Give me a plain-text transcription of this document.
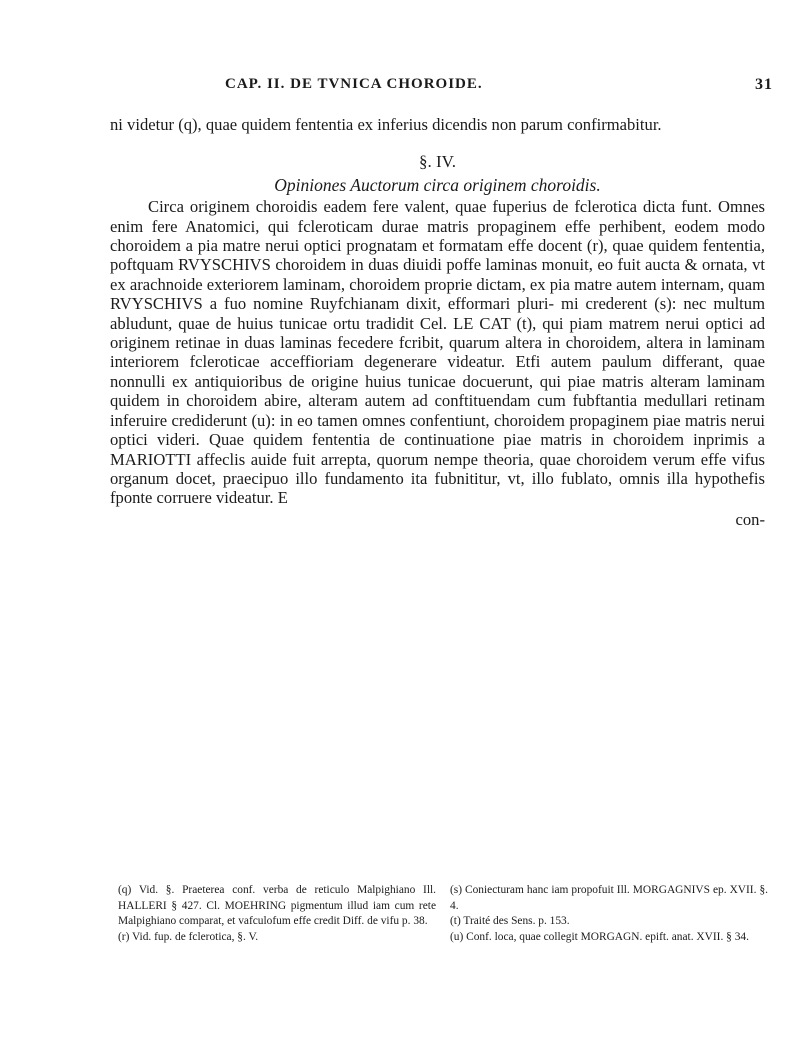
CAP. II. DE TVNICA CHOROIDE.	31

ni videtur (q), quae quidem fententia ex inferius dicendis non parum confirmabitur.

§. IV.

Opiniones Auctorum circa originem choroidis.

Circa originem choroidis eadem fere valent, quae fuperius de fclerotica dicta funt. Omnes enim fere Anatomici, qui fcleroticam durae matris propaginem effe perhibent, eodem modo choroidem a pia matre nerui optici prognatam et formatam effe docent (r), quae quidem fententia, poftquam RVYSCHIVS choroidem in duas diuidi poffe laminas monuit, eo fuit aucta & ornata, vt ex arachnoide exteriorem laminam, choroidem proprie dictam, ex pia matre autem internam, quam RVYSCHIVS a fuo nomine Ruyfchianam dixit, efformari pluri- mi crederent (s): nec multum abludunt, quae de huius tunicae ortu tradidit Cel. LE CAT (t), qui piam matrem nerui optici ad originem retinae in duas laminas fecedere fcribit, quarum altera in choroidem, altera in laminam interiorem fcleroticae acceffioriam degenerare videatur. Etfi autem paulum differant, quae nonnulli ex antiquioribus de origine huius tunicae docuerunt, qui piae matris alteram laminam quidem in choroidem abire, alteram autem ad conftituendam cum fubftantia medullari retinam inferuire crediderunt (u): in eo tamen omnes confentiunt, choroidem propaginem piae matris nerui optici videri. Quae quidem fententia de continuatione piae matris in choroidem inprimis a MARIOTTI affeclis auide fuit arrepta, quorum nempe theoria, quae choroidem verum effe vifus organum docet, praecipuo illo fundamento ita fubnititur, vt, illo fublato, omnis illa hypothefis fponte corruere videatur. E

con-

(q) Vid. §. Praeterea conf. verba de reticulo Malpighiano Ill. HALLERI § 427. Cl. MOEHRING pigmentum illud iam cum rete Malpighiano comparat, et vafculofum effe credit Diff. de vifu p. 38.

(r) Vid. fup. de fclerotica, §. V.

(s) Coniecturam hanc iam propofuit Ill. MORGAGNIVS ep. XVII. §. 4.

(t) Traité des Sens. p. 153.

(u) Conf. loca, quae collegit MORGAGN. epift. anat. XVII. § 34.
